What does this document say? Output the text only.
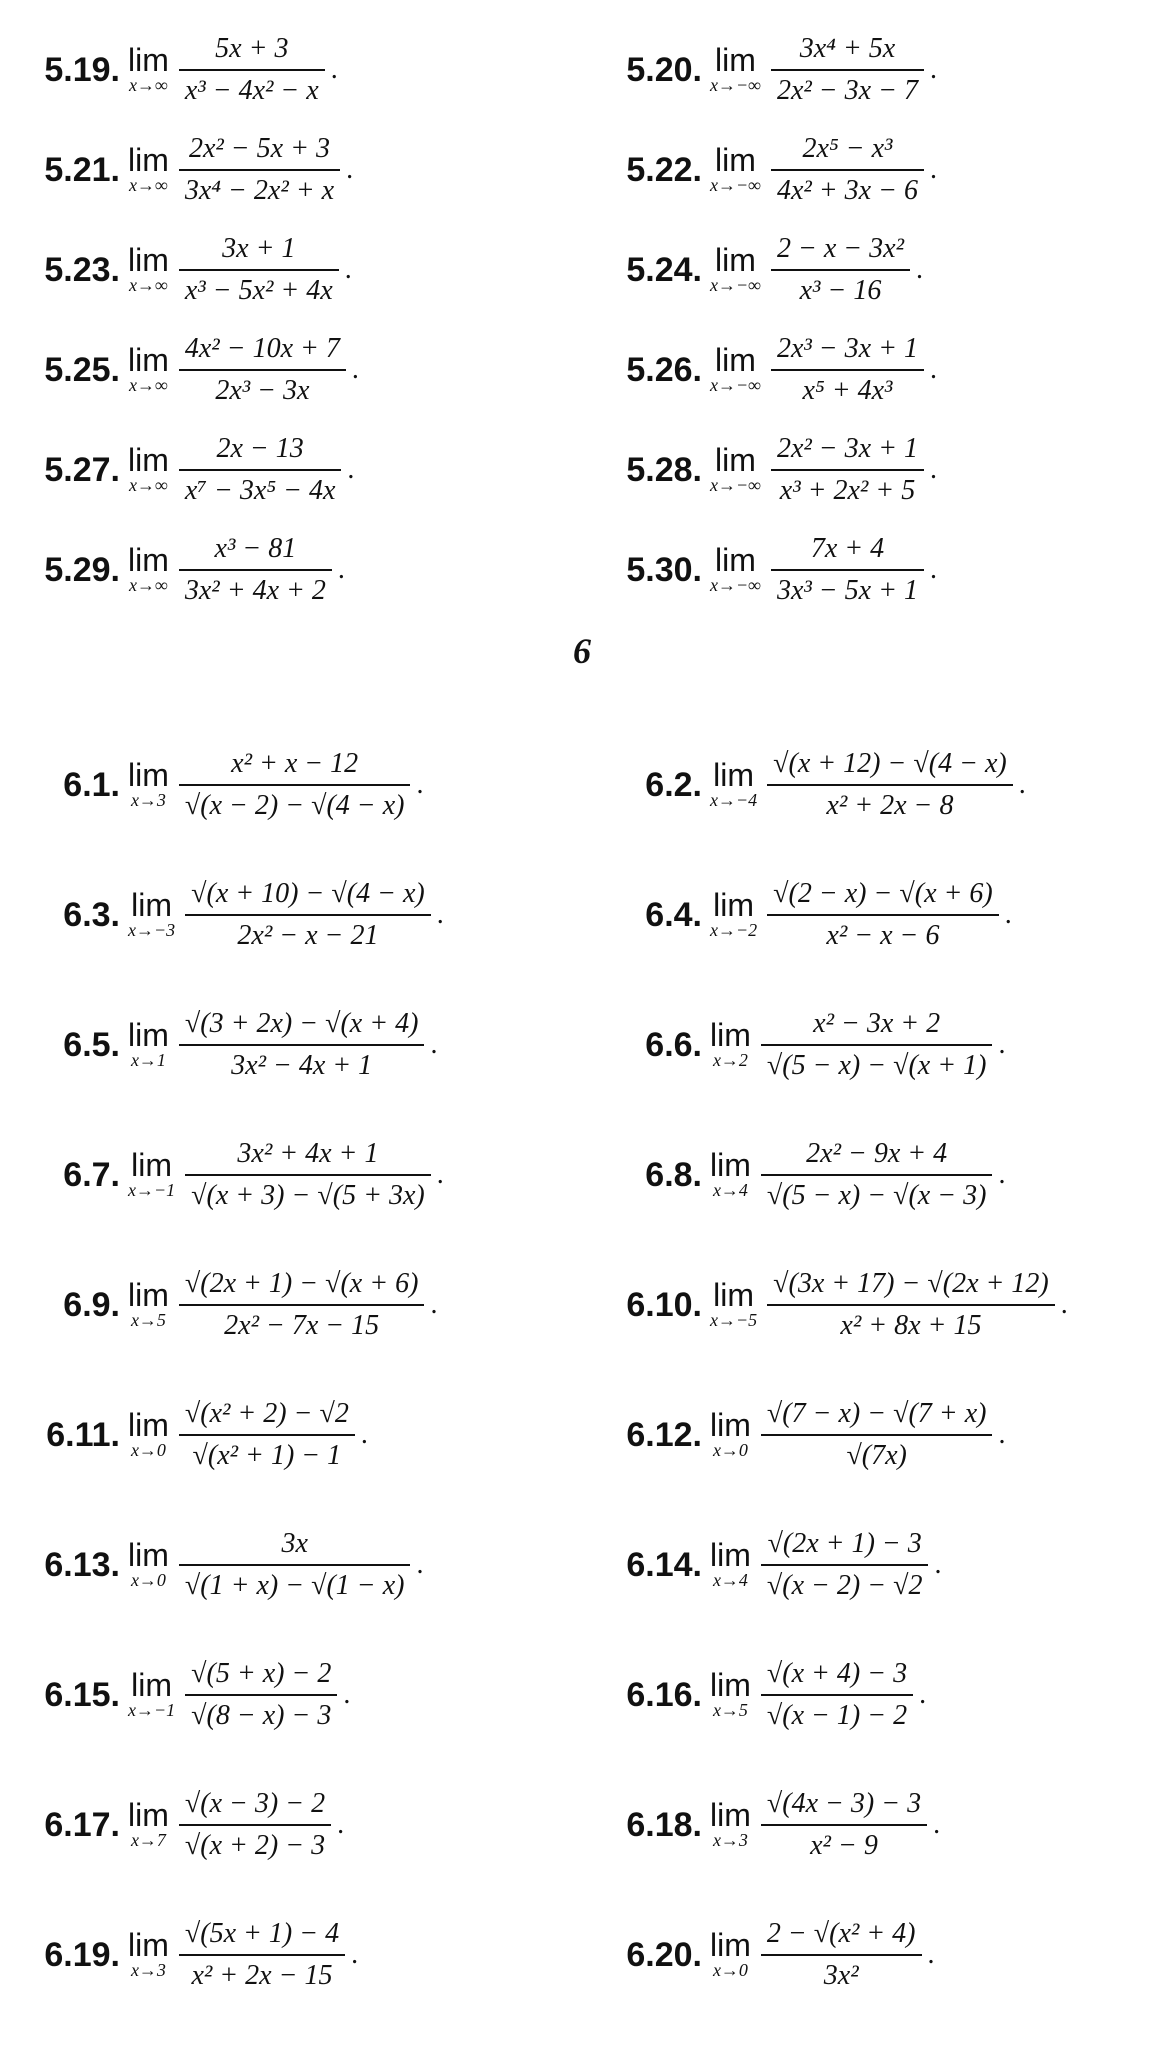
5.19. lim
$x\to\infty \frac{5x + 3}{\text{x³ − 4x² − x}}$ .
5.21. lim
$x\to\infty \frac{\text{2x² − 5x + 3}}{\text{3x⁴ − 2x² + x}}$ .
5.23. lim
$x\to\infty \frac{3x + 1}{\text{x³ − 5x² + 4x}}$ .
5.25. lim
$x\to\infty \frac{\text{4x² − 10x + 7}}{\text{2x³ − 3x}}$ .
5.27. lim
$x\to\infty \frac{2x - 13}{\text{x⁷ − 3x⁵ − 4x}}$ .
5.29. lim
$x\to\infty \frac{\text{x³ − 81}}{\text{3x² + 4x + 2}}$ .
5.20. lim
$x\to-\infty \frac{\text{3x⁴ + 5x}}{\text{2x² − 3x − 7}}$ .
5.22. lim
$x\to-\infty \frac{\text{2x⁵ − x³}}{\text{4x² + 3x − 6}}$ .
5.24. lim
$x\to-\infty \frac{\text{2 − x − 3x²}}{\text{x³ − 16}}$ .
5.26. lim
$x\to-\infty \frac{\text{2x³ − 3x + 1}}{\text{x⁵ + 4x³}}$ .
5.28. lim
$x\to-\infty \frac{\text{2x² − 3x + 1}}{\text{x³ + 2x² + 5}}$ .
5.30. lim
$x\to-\infty \frac{7x + 4}{\text{3x³ − 5x + 1}}$ .
6
6.1. lim
$x\to 3 \frac{\text{x² + x − 12}}{√(x - 2) - √(4 - x)}$ .
6.3. lim
$x\to-3 \frac{√(x + 10) - √(4 - x)}{\text{2x² − x − 21}}$ .
6.5. lim
$x\to 1 \frac{√(3 + 2x) - √(x + 4)}{\text{3x² − 4x + 1}}$ .
6.7. lim
$x\to-1 \frac{\text{3x² + 4x + 1}}{√(x + 3) - √(5 + 3x)}$ .
6.9. lim
$x\to 5 \frac{√(2x + 1) - √(x + 6)}{\text{2x² − 7x − 15}}$ .
6.11. lim
$x\to 0 \frac{\text{√(x² + 2) − √2}}{\text{√(x² + 1) − 1}}$ .
6.13. lim
$x\to 0 \frac{3x}{√(1 + x) - √(1 - x)}$ .
6.15. lim
$x\to-1 \frac{√(5 + x) - 2}{√(8 - x) - 3}$ .
6.17. lim
$x\to 7 \frac{√(x - 3) - 2}{√(x + 2) - 3}$ .
6.19. lim
$x\to 3 \frac{√(5x + 1) - 4}{\text{x² + 2x − 15}}$ .
6.2. lim
$x\to-4 \frac{√(x + 12) - √(4 - x)}{\text{x² + 2x − 8}}$ .
6.4. lim
$x\to-2 \frac{√(2 - x) - √(x + 6)}{\text{x² − x − 6}}$ .
6.6. lim
$x\to 2 \frac{\text{x² − 3x + 2}}{√(5 - x) - √(x + 1)}$ .
6.8. lim
$x\to 4 \frac{\text{2x² − 9x + 4}}{√(5 - x) - √(x - 3)}$ .
6.10. lim
$x\to-5 \frac{√(3x + 17) - √(2x + 12)}{\text{x² + 8x + 15}}$ .
6.12. lim
$x\to 0 \frac{√(7 - x) - √(7 + x)}{√(7x)}$ .
6.14. lim
$x\to 4 \frac{√(2x + 1) - 3}{√(x - 2) - √2}$ .
6.16. lim
$x\to 5 \frac{√(x + 4) - 3}{√(x - 1) - 2}$ .
6.18. lim
$x\to 3 \frac{√(4x - 3) - 3}{\text{x² − 9}}$ .
6.20. lim
$x\to 0 \frac{\text{2 − √(x² + 4)}}{\text{3x²}}$ .
